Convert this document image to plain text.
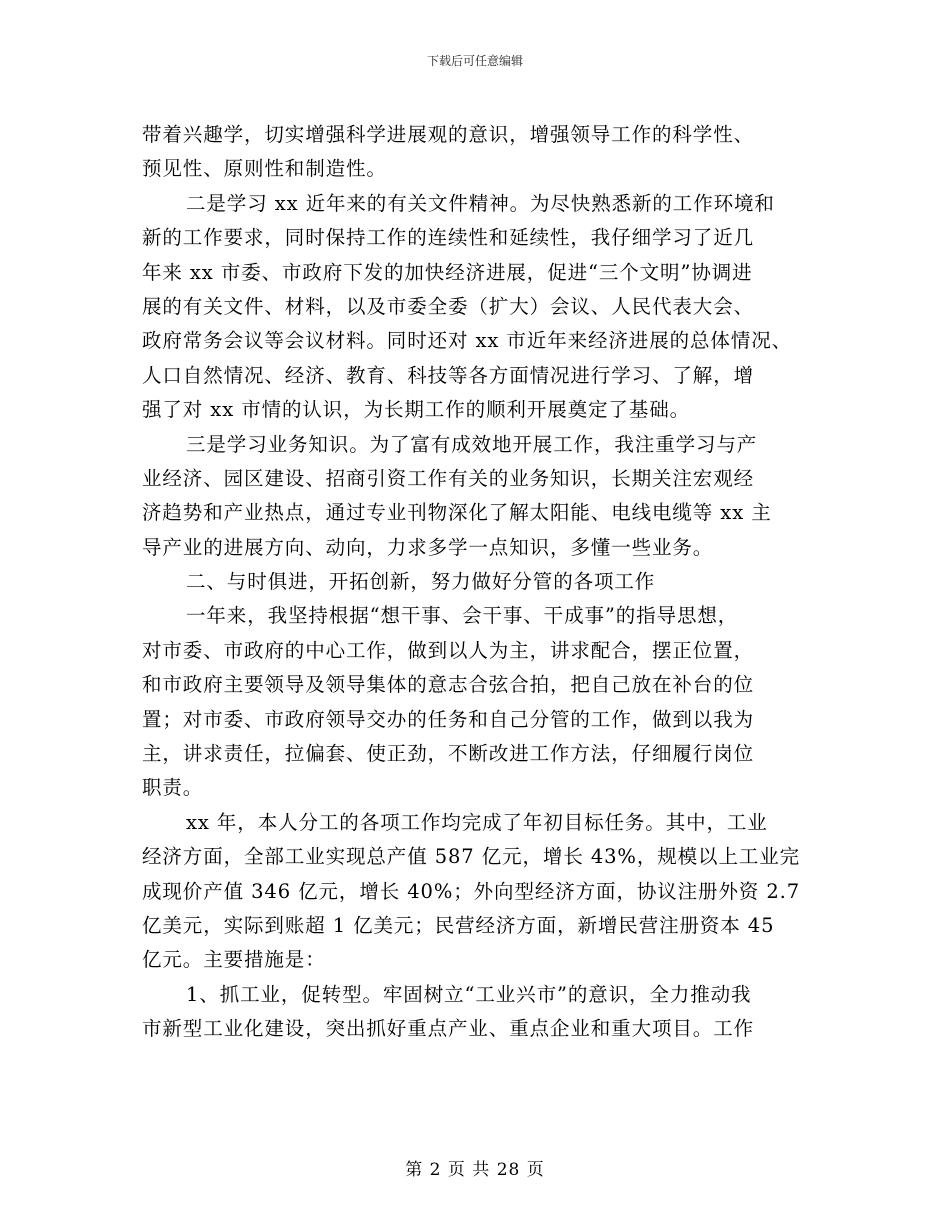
下载后可任意编辑
带着兴趣学，切实增强科学进展观的意识，增强领导工作的科学性、
预见性、原则性和制造性。
二是学习 xx 近年来的有关文件精神。为尽快熟悉新的工作环境和
新的工作要求，同时保持工作的连续性和延续性，我仔细学习了近几
年来 xx 市委、市政府下发的加快经济进展，促进“三个文明”协调进
展的有关文件、材料，以及市委全委（扩大）会议、人民代表大会、
政府常务会议等会议材料。同时还对 xx 市近年来经济进展的总体情况、
人口自然情况、经济、教育、科技等各方面情况进行学习、了解，增
强了对 xx 市情的认识，为长期工作的顺利开展奠定了基础。
三是学习业务知识。为了富有成效地开展工作，我注重学习与产
业经济、园区建设、招商引资工作有关的业务知识，长期关注宏观经
济趋势和产业热点，通过专业刊物深化了解太阳能、电线电缆等 xx 主
导产业的进展方向、动向，力求多学一点知识，多懂一些业务。
二、与时俱进，开拓创新，努力做好分管的各项工作
一年来，我坚持根据“想干事、会干事、干成事”的指导思想，
对市委、市政府的中心工作，做到以人为主，讲求配合，摆正位置，
和市政府主要领导及领导集体的意志合弦合拍，把自己放在补台的位
置；对市委、市政府领导交办的任务和自己分管的工作，做到以我为
主，讲求责任，拉偏套、使正劲，不断改进工作方法，仔细履行岗位
职责。
xx 年，本人分工的各项工作均完成了年初目标任务。其中，工业
经济方面，全部工业实现总产值 587 亿元，增长 43%，规模以上工业完
成现价产值 346 亿元，增长 40%；外向型经济方面，协议注册外资 2.7
亿美元，实际到账超 1 亿美元；民营经济方面，新增民营注册资本 45
亿元。主要措施是：
1、抓工业，促转型。牢固树立“工业兴市”的意识，全力推动我
市新型工业化建设，突出抓好重点产业、重点企业和重大项目。工作
第 2 页 共 28 页
